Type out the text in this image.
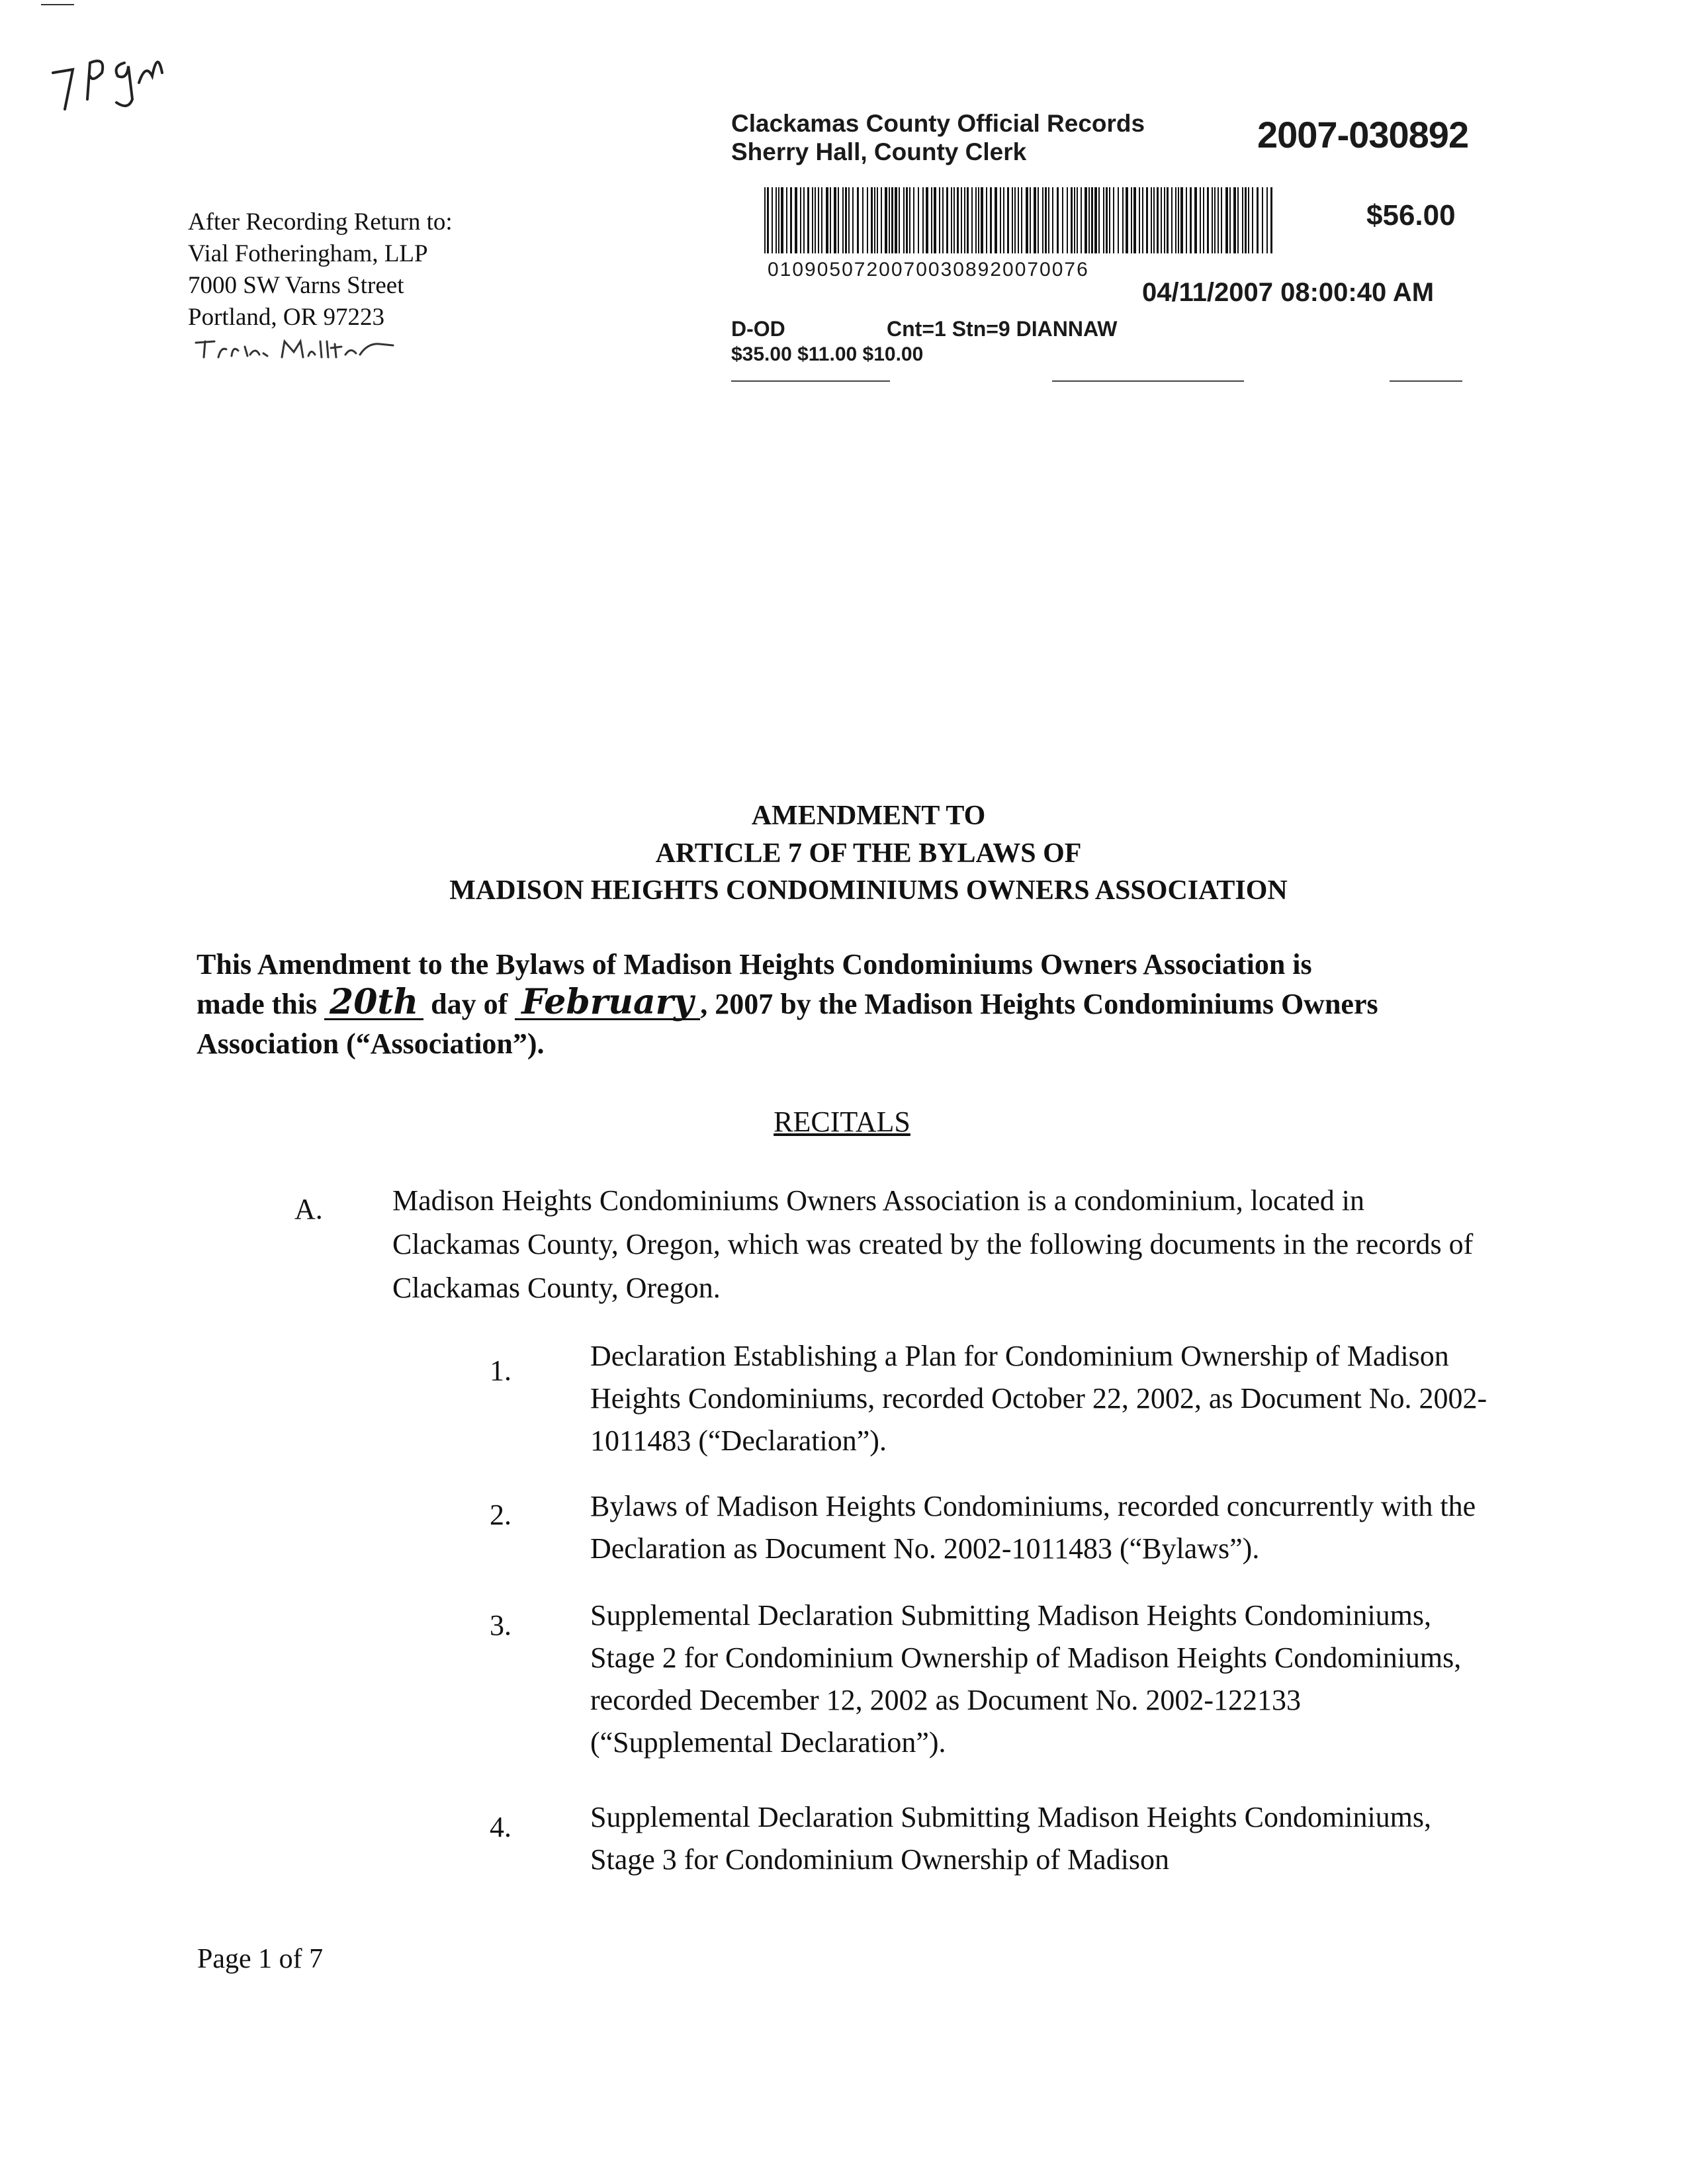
After Recording Return to:
Vial Fotheringham, LLP
7000 SW Varns Street
Portland, OR 97223
Clackamas County Official Records
Sherry Hall, County Clerk	2007-030892
$56.00
01090507200700308920070076
04/11/2007 08:00:40 AM
D-OD	Cnt=1 Stn=9 DIANNAW
$35.00 $11.00 $10.00
AMENDMENT TO
ARTICLE 7 OF THE BYLAWS OF
MADISON HEIGHTS CONDOMINIUMS OWNERS ASSOCIATION
This Amendment to the Bylaws of Madison Heights Condominiums Owners Association is
made this 20th day of February , 2007 by the Madison Heights Condominiums Owners
Association (“Association”).
RECITALS
A. Madison Heights Condominiums Owners Association is a condominium, located in Clackamas County, Oregon, which was created by the following documents in the records of Clackamas County, Oregon.
1.	Declaration Establishing a Plan for Condominium Ownership of Madison Heights Condominiums, recorded October 22, 2002, as Document No. 2002-1011483 (“Declaration”).
2.	Bylaws of Madison Heights Condominiums, recorded concurrently with the Declaration as Document No. 2002-1011483 (“Bylaws”).
3.	Supplemental Declaration Submitting Madison Heights Condominiums, Stage 2 for Condominium Ownership of Madison Heights Condominiums, recorded December 12, 2002 as Document No. 2002-122133 (“Supplemental Declaration”).
4.	Supplemental Declaration Submitting Madison Heights Condominiums, Stage 3 for Condominium Ownership of Madison
Page 1 of 7
